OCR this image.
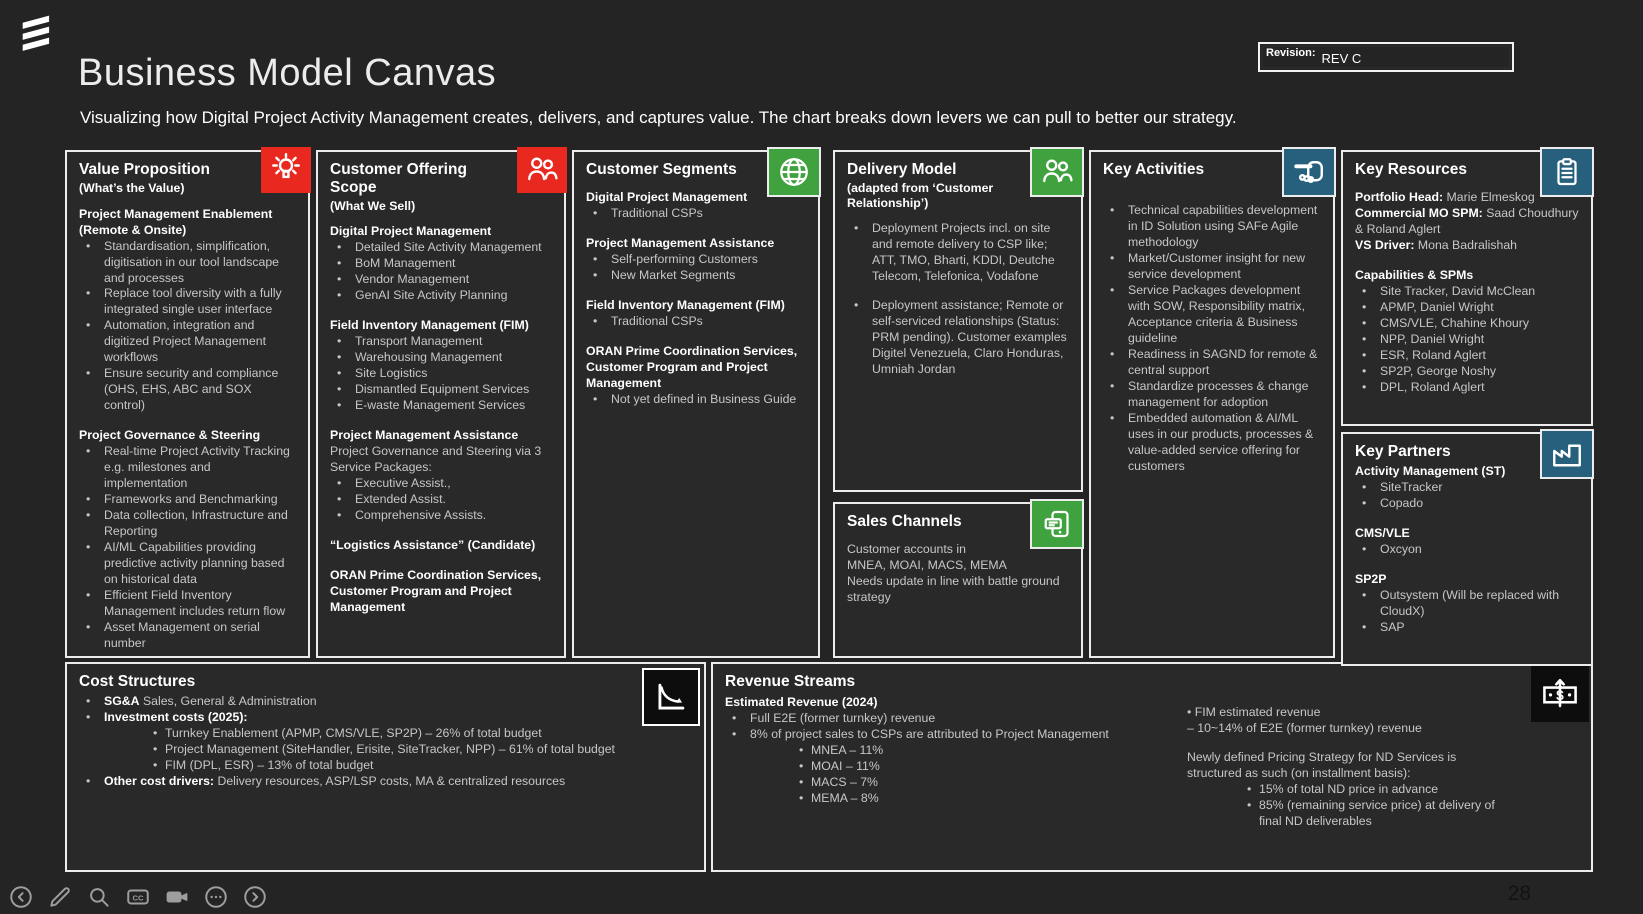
Business Model Canvas
Visualizing how Digital Project Activity Management creates, delivers, and captures value. The chart breaks down levers we can pull to better our strategy.
Revision: REV C
Value Proposition
(What’s the Value)
Project Management Enablement (Remote & Onsite)
• Standardisation, simplification, digitisation in our tool landscape and processes
• Replace tool diversity with a fully integrated single user interface
• Automation, integration and digitized Project Management workflows
• Ensure security and compliance (OHS, EHS, ABC and SOX control)
Project Governance & Steering
• Real-time Project Activity Tracking e.g. milestones and implementation
• Frameworks and Benchmarking
• Data collection, Infrastructure and Reporting
• AI/ML Capabilities providing predictive activity planning based on historical data
• Efficient Field Inventory Management includes return flow
• Asset Management on serial number
Customer Offering Scope
(What We Sell)
Digital Project Management
• Detailed Site Activity Management
• BoM Management
• Vendor Management
• GenAI Site Activity Planning
Field Inventory Management (FIM)
• Transport Management
• Warehousing Management
• Site Logistics
• Dismantled Equipment Services
• E-waste Management Services
Project Management Assistance
Project Governance and Steering via 3 Service Packages:
• Executive Assist.,
• Extended Assist.
• Comprehensive Assists.
“Logistics Assistance” (Candidate)
ORAN Prime Coordination Services, Customer Program and Project Management
Customer Segments
Digital Project Management
• Traditional CSPs
Project Management Assistance
• Self-performing Customers
• New Market Segments
Field Inventory Management (FIM)
• Traditional CSPs
ORAN Prime Coordination Services, Customer Program and Project Management
• Not yet defined in Business Guide
Delivery Model
(adapted from ‘Customer Relationship’)
• Deployment Projects incl. on site and remote delivery to CSP like; ATT, TMO, Bharti, KDDI, Deutche Telecom, Telefonica, Vodafone
• Deployment assistance; Remote or self-serviced relationships (Status: PRM pending). Customer examples Digitel Venezuela, Claro Honduras, Umniah Jordan
Sales Channels
Customer accounts in
MNEA, MOAI, MACS, MEMA
Needs update in line with battle ground strategy
Key Activities
• Technical capabilities development in ID Solution using SAFe Agile methodology
• Market/Customer insight for new service development
• Service Packages development with SOW, Responsibility matrix, Acceptance criteria & Business guideline
• Readiness in SAGND for remote & central support
• Standardize processes & change management for adoption
• Embedded automation & AI/ML uses in our products, processes & value-added service offering for customers
Key Resources
Portfolio Head: Marie Elmeskog
Commercial MO SPM: Saad Choudhury & Roland Aglert
VS Driver: Mona Badralishah
Capabilities & SPMs
• Site Tracker, David McClean
• APMP, Daniel Wright
• CMS/VLE, Chahine Khoury
• NPP, Daniel Wright
• ESR, Roland Aglert
• SP2P, George Noshy
• DPL, Roland Aglert
Key Partners
Activity Management (ST)
• SiteTracker
• Copado
CMS/VLE
• Oxcyon
SP2P
• Outsystem (Will be replaced with CloudX)
• SAP
Cost Structures
• SG&A Sales, General & Administration
• Investment costs (2025):
• Turnkey Enablement (APMP, CMS/VLE, SP2P) – 26% of total budget
• Project Management (SiteHandler, Erisite, SiteTracker, NPP) – 61% of total budget
• FIM (DPL, ESR) – 13% of total budget
• Other cost drivers: Delivery resources, ASP/LSP costs, MA & centralized resources
$
Revenue Streams
Estimated Revenue (2024)
• Full E2E (former turnkey) revenue
• 8% of project sales to CSPs are attributed to Project Management
• MNEA – 11%
• MOAI – 11%
• MACS – 7%
• MEMA – 8%
• FIM estimated revenue
– 10~14% of E2E (former turnkey) revenue
Newly defined Pricing Strategy for ND Services is structured as such (on installment basis):
• 15% of total ND price in advance
• 85% (remaining service price) at delivery of final ND deliverables
CC	28
